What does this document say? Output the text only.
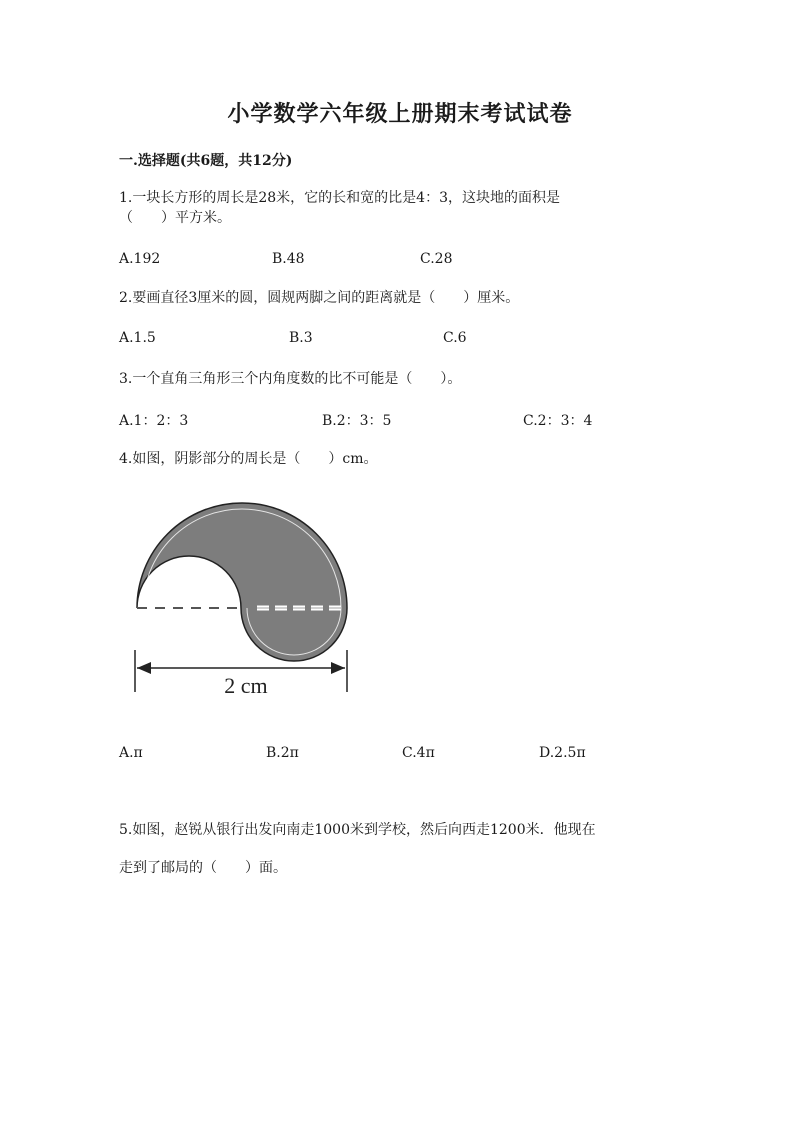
小学数学六年级上册期末考试试卷
一.选择题(共6题，共12分)
1.一块长方形的周长是28米，它的长和宽的比是4：3，这块地的面积是
（　　）平方米。
A.192	B.48	C.28
2.要画直径3厘米的圆，圆规两脚之间的距离就是（　　）厘米。
A.1.5	B.3	C.6
3.一个直角三角形三个内角度数的比不可能是（　　）。
A.1：2：3	B.2：3：5	C.2：3：4
4.如图，阴影部分的周长是（　　）cm。
2 cm
A.π	B.2π	C.4π	D.2.5π
5.如图，赵锐从银行出发向南走1000米到学校，然后向西走1200米．他现在
走到了邮局的（　　）面。
